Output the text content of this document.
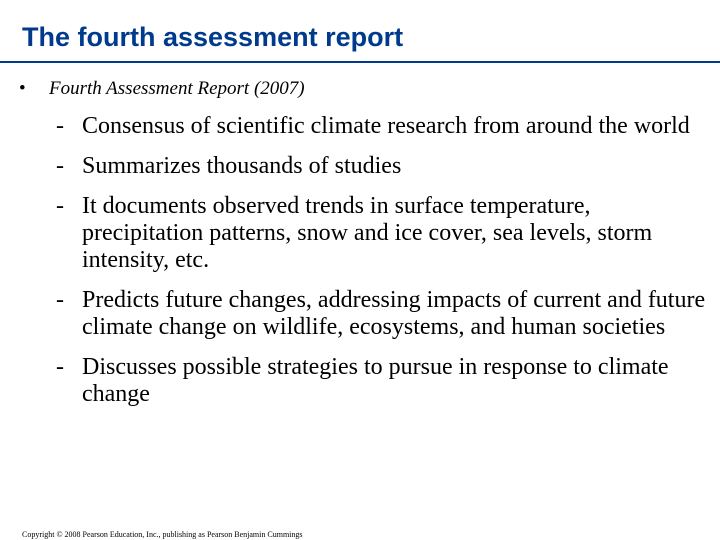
The fourth assessment report
• Fourth Assessment Report (2007)
- Consensus of scientific climate research from around the world
- Summarizes thousands of studies
- It documents observed trends in surface temperature, precipitation patterns, snow and ice cover, sea levels, storm intensity, etc.
- Predicts future changes, addressing impacts of current and future climate change on wildlife, ecosystems, and human societies
- Discusses possible strategies to pursue in response to climate change
Copyright © 2008 Pearson Education, Inc., publishing as Pearson Benjamin Cummings
